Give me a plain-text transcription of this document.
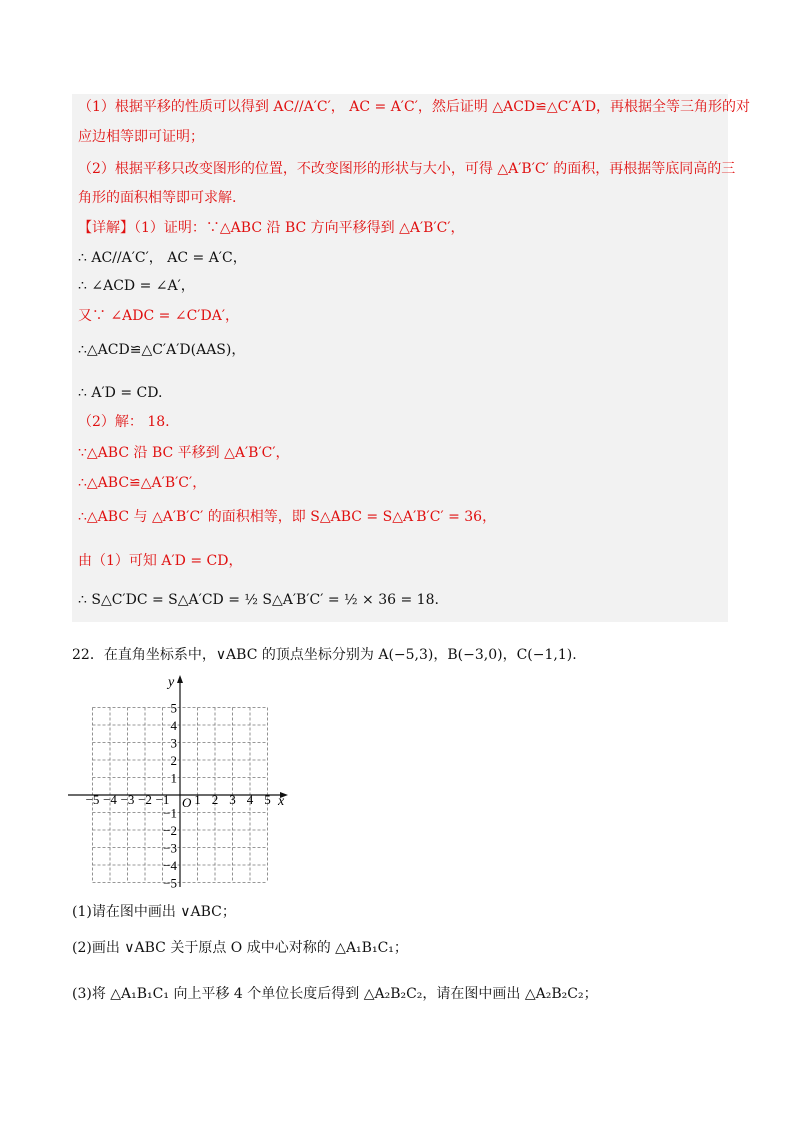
（1）根据平移的性质可以得到 AC//A′C′， AC = A′C′，然后证明 △ACD≌△C′A′D，再根据全等三角形的对
应边相等即可证明；
（2）根据平移只改变图形的位置，不改变图形的形状与大小，可得 △A′B′C′ 的面积，再根据等底同高的三
角形的面积相等即可求解.
【详解】（1）证明：∵△ABC 沿 BC 方向平移得到 △A′B′C′，
∴ AC//A′C′， AC = A′C，
∴ ∠ACD = ∠A′，
又∵ ∠ADC = ∠C′DA′，
∴△ACD≌△C′A′D(AAS)，
∴ A′D = CD.
（2）解： 18.
∵△ABC 沿 BC 平移到 △A′B′C′，
∴△ABC≌△A′B′C′，
∴△ABC 与 △A′B′C′ 的面积相等，即 S△ABC = S△A′B′C′ = 36，
由（1）可知 A′D = CD，
∴ S△C′DC = S△A′CD = ½ S△A′B′C′ = ½ × 36 = 18.
22．在直角坐标系中，∨ABC 的顶点坐标分别为 A(−5,3)，B(−3,0)，C(−1,1).
−5 −4 −3 −2 −1 1 2 3 4 5
5
4
3
2
1
−1
−2
−3
−4
−5
x
y
O
(1)请在图中画出 ∨ABC；
(2)画出 ∨ABC 关于原点 O 成中心对称的 △A₁B₁C₁；
(3)将 △A₁B₁C₁ 向上平移 4 个单位长度后得到 △A₂B₂C₂，请在图中画出 △A₂B₂C₂；
